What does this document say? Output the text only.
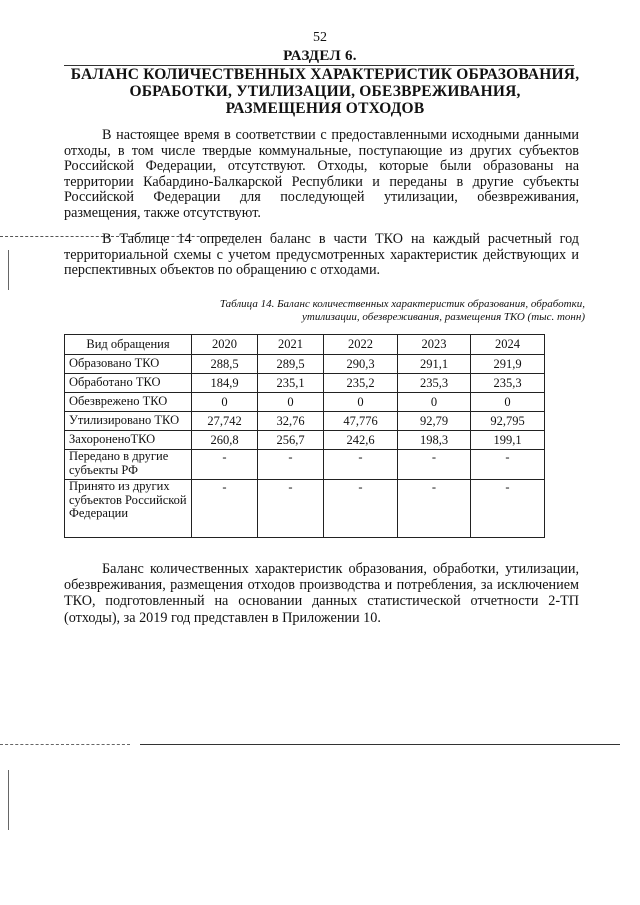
52
РАЗДЕЛ 6.
БАЛАНС КОЛИЧЕСТВЕННЫХ ХАРАКТЕРИСТИК ОБРАЗОВАНИЯ, ОБРАБОТКИ, УТИЛИЗАЦИИ, ОБЕЗВРЕЖИВАНИЯ, РАЗМЕЩЕНИЯ ОТХОДОВ
В настоящее время в соответствии с предоставленными исходными данными отходы, в том числе твердые коммунальные, поступающие из других субъектов Российской Федерации, отсутствуют. Отходы, которые были образованы на территории Кабардино-Балкарской Республики и переданы в другие субъекты Российской Федерации для последующей утилизации, обезвреживания, размещения, также отсутствуют.
В Таблице 14 определен баланс в части ТКО на каждый расчетный год территориальной схемы с учетом предусмотренных характеристик действующих и перспективных объектов по обращению с отходами.
Таблица 14. Баланс количественных характеристик образования, обработки, утилизации, обезвреживания, размещения ТКО (тыс. тонн)
Вид обращения	2020	2021	2022	2023	2024
Образовано ТКО	288,5	289,5	290,3	291,1	291,9
Обработано ТКО	184,9	235,1	235,2	235,3	235,3
Обезврежено ТКО	0	0	0	0	0
Утилизировано ТКО	27,742	32,76	47,776	92,79	92,795
ЗахороненоТКО	260,8	256,7	242,6	198,3	199,1
Передано в другие субъекты РФ	-	-	-	-	-
Принято из других субъектов Российской Федерации	-	-	-	-	-
Баланс количественных характеристик образования, обработки, утилизации, обезвреживания, размещения отходов производства и потребления, за исключением ТКО, подготовленный на основании данных статистической отчетности 2-ТП (отходы), за 2019 год представлен в Приложении 10.
